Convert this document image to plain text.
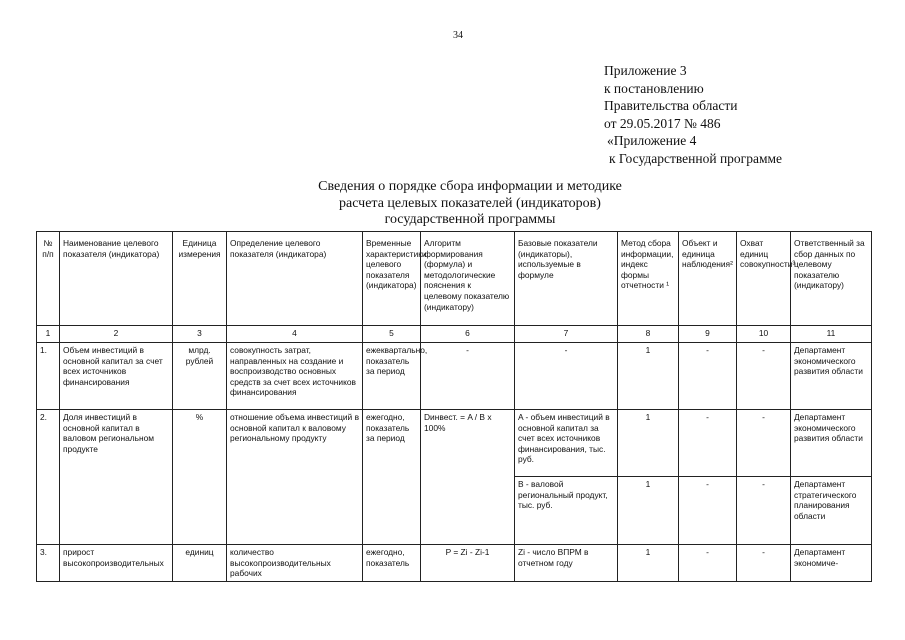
34
Приложение 3
к постановлению
Правительства области
от 29.05.2017 № 486
«Приложение 4
к Государственной программе
Сведения о порядке сбора информации и методике
расчета целевых показателей (индикаторов)
государственной программы
№ п/п	Наименование целевого показателя (индикатора)	Единица измерения	Определение целевого показателя (индикатора)	Временные характеристики целевого показателя (индикатора)	Алгоритм формирования (формула) и методологические пояснения к целевому показателю (индикатору)	Базовые показатели (индикаторы), используемые в формуле	Метод сбора информации, индекс формы отчетности ¹	Объект и единица наблюдения²	Охват единиц совокупности³	Ответственный за сбор данных по целевому показателю (индикатору)
1	2	3	4	5	6	7	8	9	10	11
1.	Объем инвестиций в основной капитал за счет всех источников финансирования	млрд. рублей	совокупность затрат, направленных на создание и воспроизводство основных средств за счет всех источников финансирования	ежеквартально, показатель за период	-	-	1	-	-	Департамент экономического развития области
2.	Доля инвестиций в основной капитал в валовом региональном продукте	%	отношение объема инвестиций в основной капитал к валовому региональному продукту	ежегодно, показатель за период	Dинвест. = A / B x 100%	A - объем инвестиций в основной капитал за счет всех источников финансирования, тыс. руб.	1	-	-	Департамент экономического развития области
						B - валовой региональный продукт, тыс. руб.	1	-	-	Департамент стратегического планирования области
3.	прирост высокопроизводительных	единиц	количество высокопроизводительных рабочих	ежегодно, показатель	P = Zi - Zi-1	Zi - число ВПРМ в отчетном году	1	-	-	Департамент экономиче-
